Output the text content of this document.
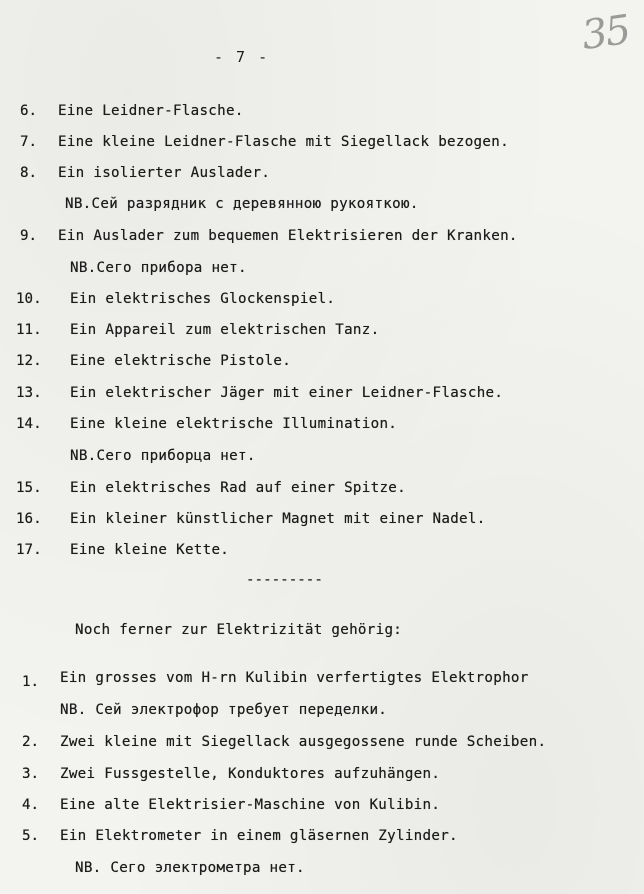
35
- 7 -
6. Eine Leidner-Flasche.
7. Eine kleine Leidner-Flasche mit Siegellack bezogen.
8. Ein isolierter Auslader.
NB.Сей разрядник с деревянною рукояткою.
9. Ein Auslader zum bequemen Elektrisieren der Kranken.
NB.Сего прибора нет.
10. Ein elektrisches Glockenspiel.
11. Ein Appareil zum elektrischen Tanz.
12. Eine elektrische Pistole.
13. Ein elektrischer Jäger mit einer Leidner-Flasche.
14. Eine kleine elektrische Illumination.
NB.Сего приборца нет.
15. Ein elektrisches Rad auf einer Spitze.
16. Ein kleiner künstlicher Magnet mit einer Nadel.
17. Eine kleine Kette.
---------
Noch ferner zur Elektrizität gehörig:
1. Ein grosses vom H-rn Kulibin verfertigtes Elektrophor
NB. Сей электрофор требует переделки.
2. Zwei kleine mit Siegellack ausgegossene runde Scheiben.
3. Zwei Fussgestelle, Konduktores aufzuhängen.
4. Eine alte Elektrisier-Maschine von Kulibin.
5. Ein Elektrometer in einem gläsernen Zylinder.
NB. Сего электрометра нет.
